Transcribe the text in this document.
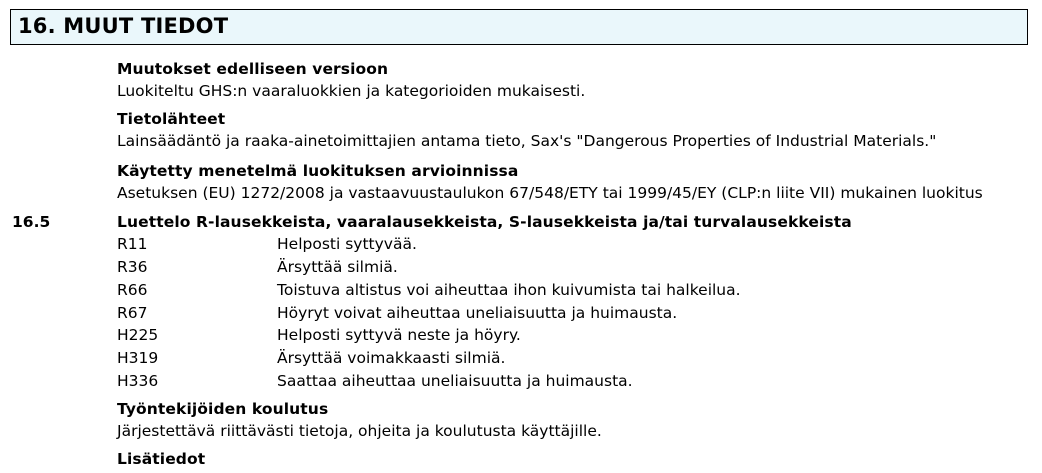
16. MUUT TIEDOT
Muutokset edelliseen versioon
Luokiteltu GHS:n vaaraluokkien ja kategorioiden mukaisesti.
Tietolähteet
Lainsäädäntö ja raaka-ainetoimittajien antama tieto, Sax's "Dangerous Properties of Industrial Materials."
Käytetty menetelmä luokituksen arvioinnissa
Asetuksen (EU) 1272/2008 ja vastaavuustaulukon 67/548/ETY tai 1999/45/EY (CLP:n liite VII) mukainen luokitus
16.5	Luettelo R-lausekkeista, vaaralausekkeista, S-lausekkeista ja/tai turvalausekkeista
R11	Helposti syttyvää.
R36	Ärsyttää silmiä.
R66	Toistuva altistus voi aiheuttaa ihon kuivumista tai halkeilua.
R67	Höyryt voivat aiheuttaa uneliaisuutta ja huimausta.
H225	Helposti syttyvä neste ja höyry.
H319	Ärsyttää voimakkaasti silmiä.
H336	Saattaa aiheuttaa uneliaisuutta ja huimausta.
Työntekijöiden koulutus
Järjestettävä riittävästi tietoja, ohjeita ja koulutusta käyttäjille.
Lisätiedot
